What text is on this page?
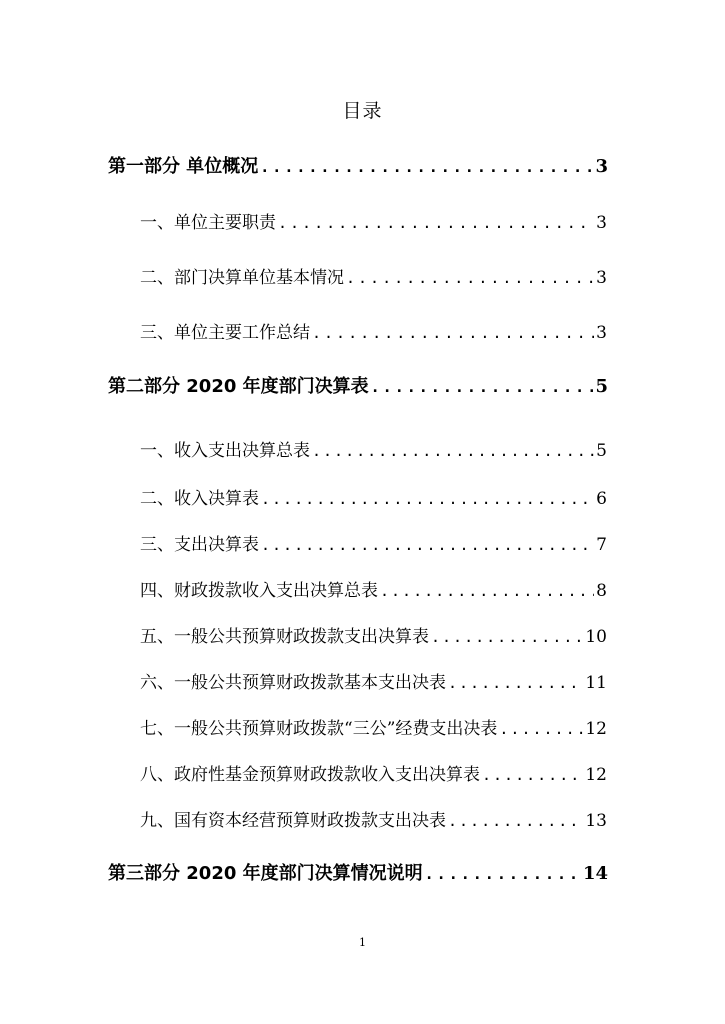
目录
第一部分 单位概况 .....	3
一、单位主要职责 .....	3
二、部门决算单位基本情况 .....	3
三、单位主要工作总结 .....	3
第二部分 2020 年度部门决算表 .....	5
一、收入支出决算总表 .....	5
二、收入决算表 .....	6
三、支出决算表 .....	7
四、财政拨款收入支出决算总表 .....	8
五、一般公共预算财政拨款支出决算表 .....	10
六、一般公共预算财政拨款基本支出决表 .....	11
七、一般公共预算财政拨款“三公”经费支出决表 .....	12
八、政府性基金预算财政拨款收入支出决算表 .....	12
九、国有资本经营预算财政拨款支出决表 .....	13
第三部分 2020 年度部门决算情况说明 .....	14
1
